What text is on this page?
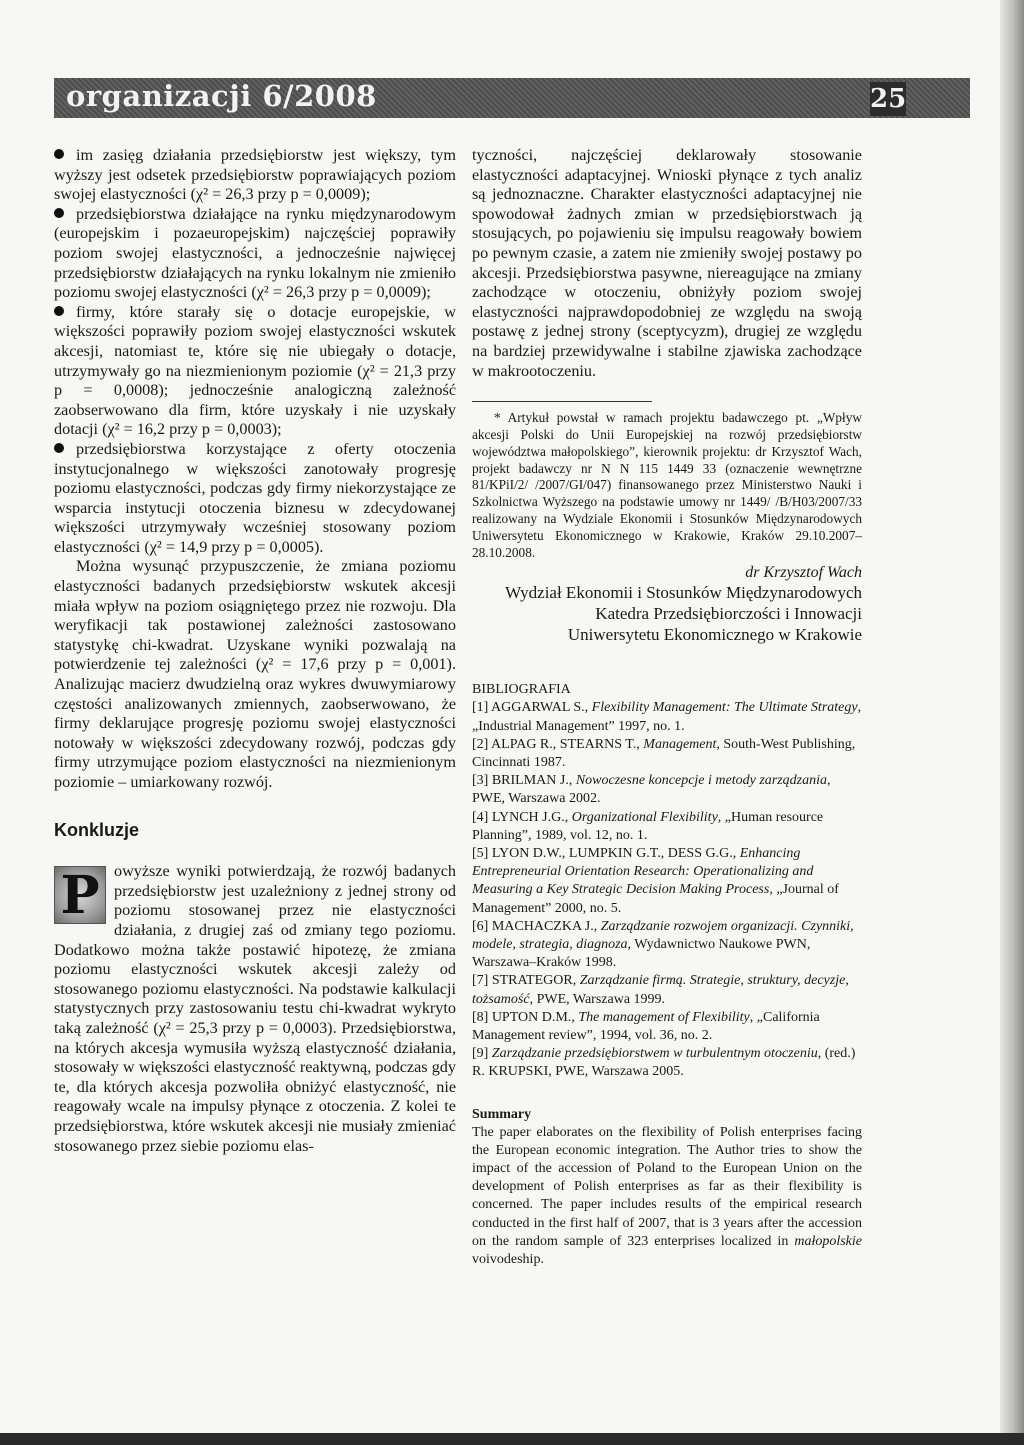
organizacji 6/2008	25

im zasięg działania przedsiębiorstw jest większy, tym wyższy jest odsetek przedsiębiorstw poprawiających poziom swojej elastyczności (χ² = 26,3 przy p = 0,0009);

przedsiębiorstwa działające na rynku międzynarodowym (europejskim i pozaeuropejskim) najczęściej poprawiły poziom swojej elastyczności, a jednocześnie najwięcej przedsiębiorstw działających na rynku lokalnym nie zmieniło poziomu swojej elastyczności (χ² = 26,3 przy p = 0,0009);

firmy, które starały się o dotacje europejskie, w większości poprawiły poziom swojej elastyczności wskutek akcesji, natomiast te, które się nie ubiegały o dotacje, utrzymywały go na niezmienionym poziomie (χ² = 21,3 przy p = 0,0008); jednocześnie analogiczną zależność zaobserwowano dla firm, które uzyskały i nie uzyskały dotacji (χ² = 16,2 przy p = 0,0003);

przedsiębiorstwa korzystające z oferty otoczenia instytucjonalnego w większości zanotowały progresję poziomu elastyczności, podczas gdy firmy niekorzystające ze wsparcia instytucji otoczenia biznesu w zdecydowanej większości utrzymywały wcześniej stosowany poziom elastyczności (χ² = 14,9 przy p = 0,0005).

Można wysunąć przypuszczenie, że zmiana poziomu elastyczności badanych przedsiębiorstw wskutek akcesji miała wpływ na poziom osiągniętego przez nie rozwoju. Dla weryfikacji tak postawionej zależności zastosowano statystykę chi-kwadrat. Uzyskane wyniki pozwalają na potwierdzenie tej zależności (χ² = 17,6 przy p = 0,001). Analizując macierz dwudzielną oraz wykres dwuwymiarowy częstości analizowanych zmiennych, zaobserwowano, że firmy deklarujące progresję poziomu swojej elastyczności notowały w większości zdecydowany rozwój, podczas gdy firmy utrzymujące poziom elastyczności na niezmienionym poziomie – umiarkowany rozwój.

Konkluzje
P owyższe wyniki potwierdzają, że rozwój badanych przedsiębiorstw jest uzależniony z jednej strony od poziomu stosowanej przez nie elastyczności działania, z drugiej zaś od zmiany tego poziomu. Dodatkowo można także postawić hipotezę, że zmiana poziomu elastyczności wskutek akcesji zależy od stosowanego poziomu elastyczności. Na podstawie kalkulacji statystycznych przy zastosowaniu testu chi-kwadrat wykryto taką zależność (χ² = 25,3 przy p = 0,0003). Przedsiębiorstwa, na których akcesja wymusiła wyższą elastyczność działania, stosowały w większości elastyczność reaktywną, podczas gdy te, dla których akcesja pozwoliła obniżyć elastyczność, nie reagowały wcale na impulsy płynące z otoczenia. Z kolei te przedsiębiorstwa, które wskutek akcesji nie musiały zmieniać stosowanego przez siebie poziomu elas-

tyczności, najczęściej deklarowały stosowanie elastyczności adaptacyjnej. Wnioski płynące z tych analiz są jednoznaczne. Charakter elastyczności adaptacyjnej nie spowodował żadnych zmian w przedsiębiorstwach ją stosujących, po pojawieniu się impulsu reagowały bowiem po pewnym czasie, a zatem nie zmieniły swojej postawy po akcesji. Przedsiębiorstwa pasywne, niereagujące na zmiany zachodzące w otoczeniu, obniżyły poziom swojej elastyczności najprawdopodobniej ze względu na swoją postawę z jednej strony (sceptycyzm), drugiej ze względu na bardziej przewidywalne i stabilne zjawiska zachodzące w makrootoczeniu.

* Artykuł powstał w ramach projektu badawczego pt. „Wpływ akcesji Polski do Unii Europejskiej na rozwój przedsiębiorstw województwa małopolskiego”, kierownik projektu: dr Krzysztof Wach, projekt badawczy nr N N 115 1449 33 (oznaczenie wewnętrzne 81/KPiI/2/ /2007/GI/047) finansowanego przez Ministerstwo Nauki i Szkolnictwa Wyższego na podstawie umowy nr 1449/ /B/H03/2007/33 realizowany na Wydziale Ekonomii i Stosunków Międzynarodowych Uniwersytetu Ekonomicznego w Krakowie, Kraków 29.10.2007–28.10.2008.

dr Krzysztof Wach
Wydział Ekonomii i Stosunków Międzynarodowych
Katedra Przedsiębiorczości i Innowacji
Uniwersytetu Ekonomicznego w Krakowie
BIBLIOGRAFIA

[1] AGGARWAL S., Flexibility Management: The Ultimate Strategy, „Industrial Management” 1997, no. 1.

[2] ALPAG R., STEARNS T., Management, South-West Publishing, Cincinnati 1987.

[3] BRILMAN J., Nowoczesne koncepcje i metody zarządzania, PWE, Warszawa 2002.

[4] LYNCH J.G., Organizational Flexibility, „Human resource Planning”, 1989, vol. 12, no. 1.

[5] LYON D.W., LUMPKIN G.T., DESS G.G., Enhancing Entrepreneurial Orientation Research: Operationalizing and Measuring a Key Strategic Decision Making Process, „Journal of Management” 2000, no. 5.

[6] MACHACZKA J., Zarządzanie rozwojem organizacji. Czynniki, modele, strategia, diagnoza, Wydawnictwo Naukowe PWN, Warszawa–Kraków 1998.

[7] STRATEGOR, Zarządzanie firmą. Strategie, struktury, decyzje, tożsamość, PWE, Warszawa 1999.

[8] UPTON D.M., The management of Flexibility, „California Management review”, 1994, vol. 36, no. 2.

[9] Zarządzanie przedsiębiorstwem w turbulentnym otoczeniu, (red.) R. KRUPSKI, PWE, Warszawa 2005.

Summary

The paper elaborates on the flexibility of Polish enterprises facing the European economic integration. The Author tries to show the impact of the accession of Poland to the European Union on the development of Polish enterprises as far as their flexibility is concerned. The paper includes results of the empirical research conducted in the first half of 2007, that is 3 years after the accession on the random sample of 323 enterprises localized in małopolskie voivodeship.
